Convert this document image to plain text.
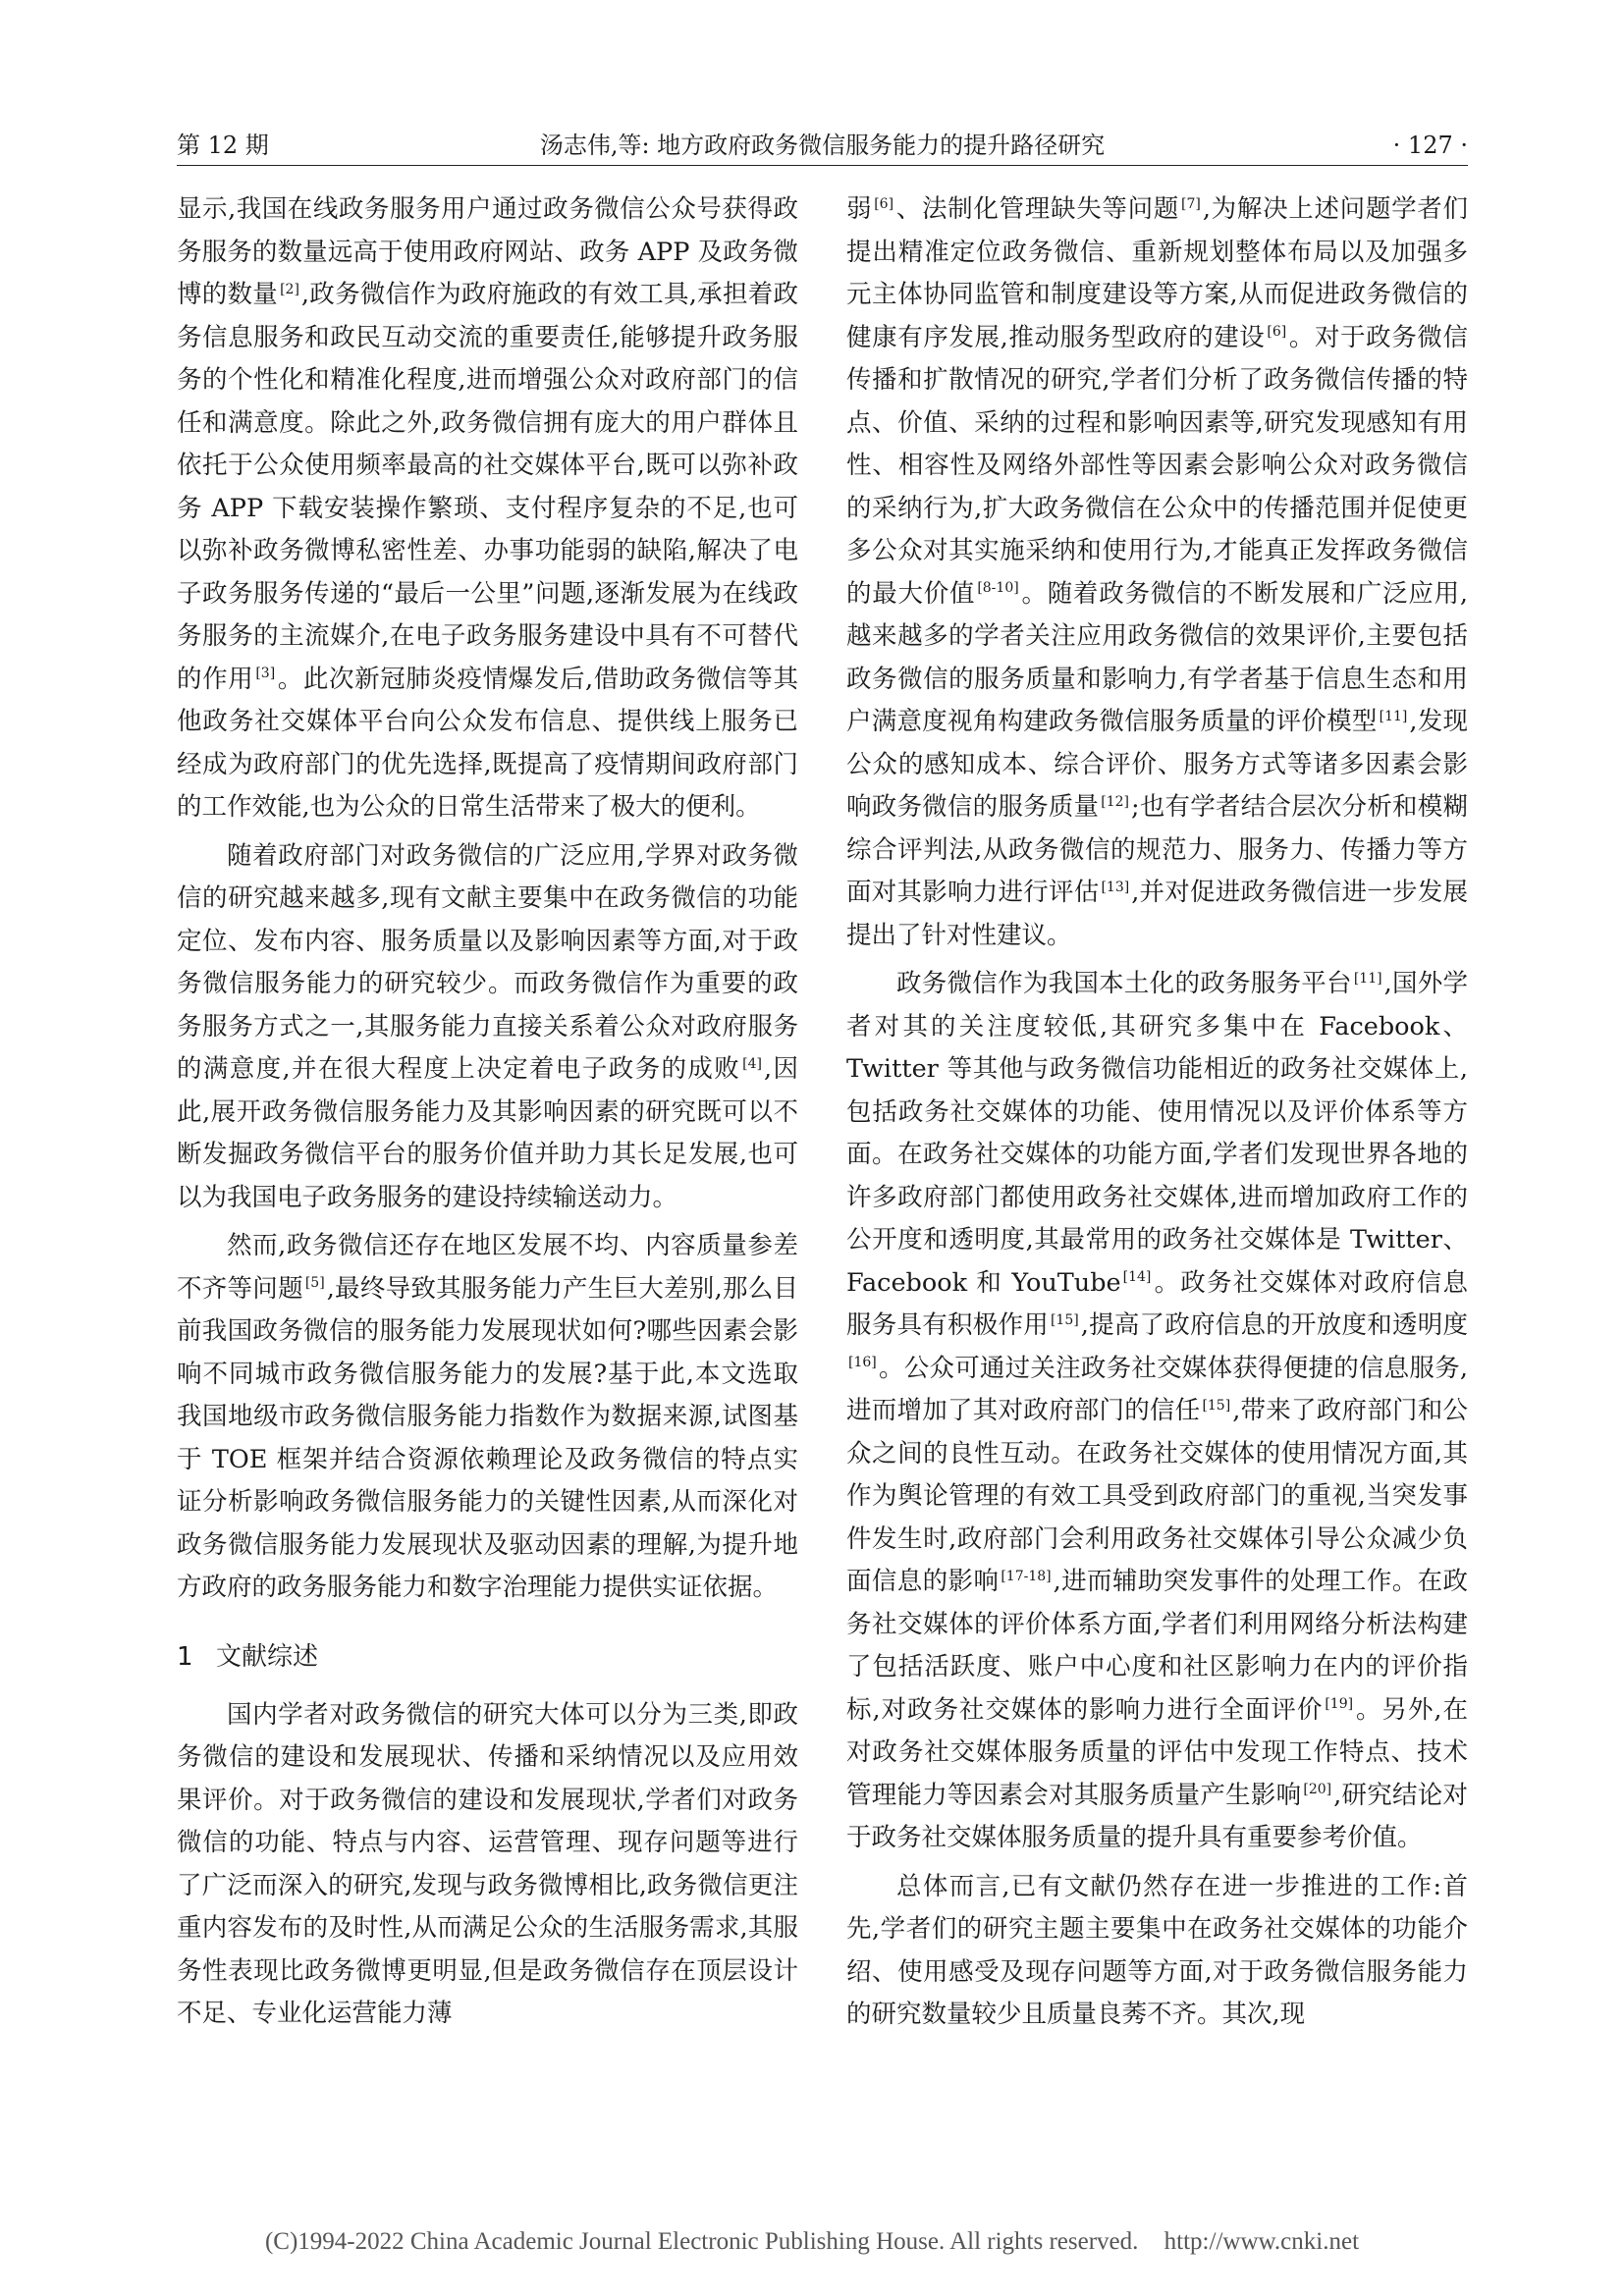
第 12 期	汤志伟,等: 地方政府政务微信服务能力的提升路径研究	· 127 ·

显示,我国在线政务服务用户通过政务微信公众号获得政务服务的数量远高于使用政府网站、政务 APP 及政务微博的数量 [2],政务微信作为政府施政的有效工具,承担着政务信息服务和政民互动交流的重要责任,能够提升政务服务的个性化和精准化程度,进而增强公众对政府部门的信任和满意度。除此之外,政务微信拥有庞大的用户群体且依托于公众使用频率最高的社交媒体平台,既可以弥补政务 APP 下载安装操作繁琐、支付程序复杂的不足,也可以弥补政务微博私密性差、办事功能弱的缺陷,解决了电子政务服务传递的“最后一公里”问题,逐渐发展为在线政务服务的主流媒介,在电子政务服务建设中具有不可替代的作用 [3]。此次新冠肺炎疫情爆发后,借助政务微信等其他政务社交媒体平台向公众发布信息、提供线上服务已经成为政府部门的优先选择,既提高了疫情期间政府部门的工作效能,也为公众的日常生活带来了极大的便利。

随着政府部门对政务微信的广泛应用,学界对政务微信的研究越来越多,现有文献主要集中在政务微信的功能定位、发布内容、服务质量以及影响因素等方面,对于政务微信服务能力的研究较少。而政务微信作为重要的政务服务方式之一,其服务能力直接关系着公众对政府服务的满意度,并在很大程度上决定着电子政务的成败 [4],因此,展开政务微信服务能力及其影响因素的研究既可以不断发掘政务微信平台的服务价值并助力其长足发展,也可以为我国电子政务服务的建设持续输送动力。

然而,政务微信还存在地区发展不均、内容质量参差不齐等问题 [5],最终导致其服务能力产生巨大差别,那么目前我国政务微信的服务能力发展现状如何?哪些因素会影响不同城市政务微信服务能力的发展?基于此,本文选取我国地级市政务微信服务能力指数作为数据来源,试图基于 TOE 框架并结合资源依赖理论及政务微信的特点实证分析影响政务微信服务能力的关键性因素,从而深化对政务微信服务能力发展现状及驱动因素的理解,为提升地方政府的政务服务能力和数字治理能力提供实证依据。

1 文献综述

国内学者对政务微信的研究大体可以分为三类,即政务微信的建设和发展现状、传播和采纳情况以及应用效果评价。对于政务微信的建设和发展现状,学者们对政务微信的功能、特点与内容、运营管理、现存问题等进行了广泛而深入的研究,发现与政务微博相比,政务微信更注重内容发布的及时性,从而满足公众的生活服务需求,其服务性表现比政务微博更明显,但是政务微信存在顶层设计不足、专业化运营能力薄

弱 [6]、法制化管理缺失等问题 [7],为解决上述问题学者们提出精准定位政务微信、重新规划整体布局以及加强多元主体协同监管和制度建设等方案,从而促进政务微信的健康有序发展,推动服务型政府的建设 [6]。对于政务微信传播和扩散情况的研究,学者们分析了政务微信传播的特点、价值、采纳的过程和影响因素等,研究发现感知有用性、相容性及网络外部性等因素会影响公众对政务微信的采纳行为,扩大政务微信在公众中的传播范围并促使更多公众对其实施采纳和使用行为,才能真正发挥政务微信的最大价值 [8-10]。随着政务微信的不断发展和广泛应用,越来越多的学者关注应用政务微信的效果评价,主要包括政务微信的服务质量和影响力,有学者基于信息生态和用户满意度视角构建政务微信服务质量的评价模型 [11],发现公众的感知成本、综合评价、服务方式等诸多因素会影响政务微信的服务质量 [12];也有学者结合层次分析和模糊综合评判法,从政务微信的规范力、服务力、传播力等方面对其影响力进行评估 [13],并对促进政务微信进一步发展提出了针对性建议。

政务微信作为我国本土化的政务服务平台 [11],国外学者对其的关注度较低,其研究多集中在 Facebook、Twitter 等其他与政务微信功能相近的政务社交媒体上,包括政务社交媒体的功能、使用情况以及评价体系等方面。在政务社交媒体的功能方面,学者们发现世界各地的许多政府部门都使用政务社交媒体,进而增加政府工作的公开度和透明度,其最常用的政务社交媒体是 Twitter、Facebook 和 YouTube [14]。政务社交媒体对政府信息服务具有积极作用 [15],提高了政府信息的开放度和透明度[16]。公众可通过关注政务社交媒体获得便捷的信息服务,进而增加了其对政府部门的信任 [15],带来了政府部门和公众之间的良性互动。在政务社交媒体的使用情况方面,其作为舆论管理的有效工具受到政府部门的重视,当突发事件发生时,政府部门会利用政务社交媒体引导公众减少负面信息的影响 [17-18],进而辅助突发事件的处理工作。在政务社交媒体的评价体系方面,学者们利用网络分析法构建了包括活跃度、账户中心度和社区影响力在内的评价指标,对政务社交媒体的影响力进行全面评价 [19]。另外,在对政务社交媒体服务质量的评估中发现工作特点、技术管理能力等因素会对其服务质量产生影响 [20],研究结论对于政务社交媒体服务质量的提升具有重要参考价值。

总体而言,已有文献仍然存在进一步推进的工作:首先,学者们的研究主题主要集中在政务社交媒体的功能介绍、使用感受及现存问题等方面,对于政务微信服务能力的研究数量较少且质量良莠不齐。其次,现

(C)1994-2022 China Academic Journal Electronic Publishing House. All rights reserved. http://www.cnki.net
